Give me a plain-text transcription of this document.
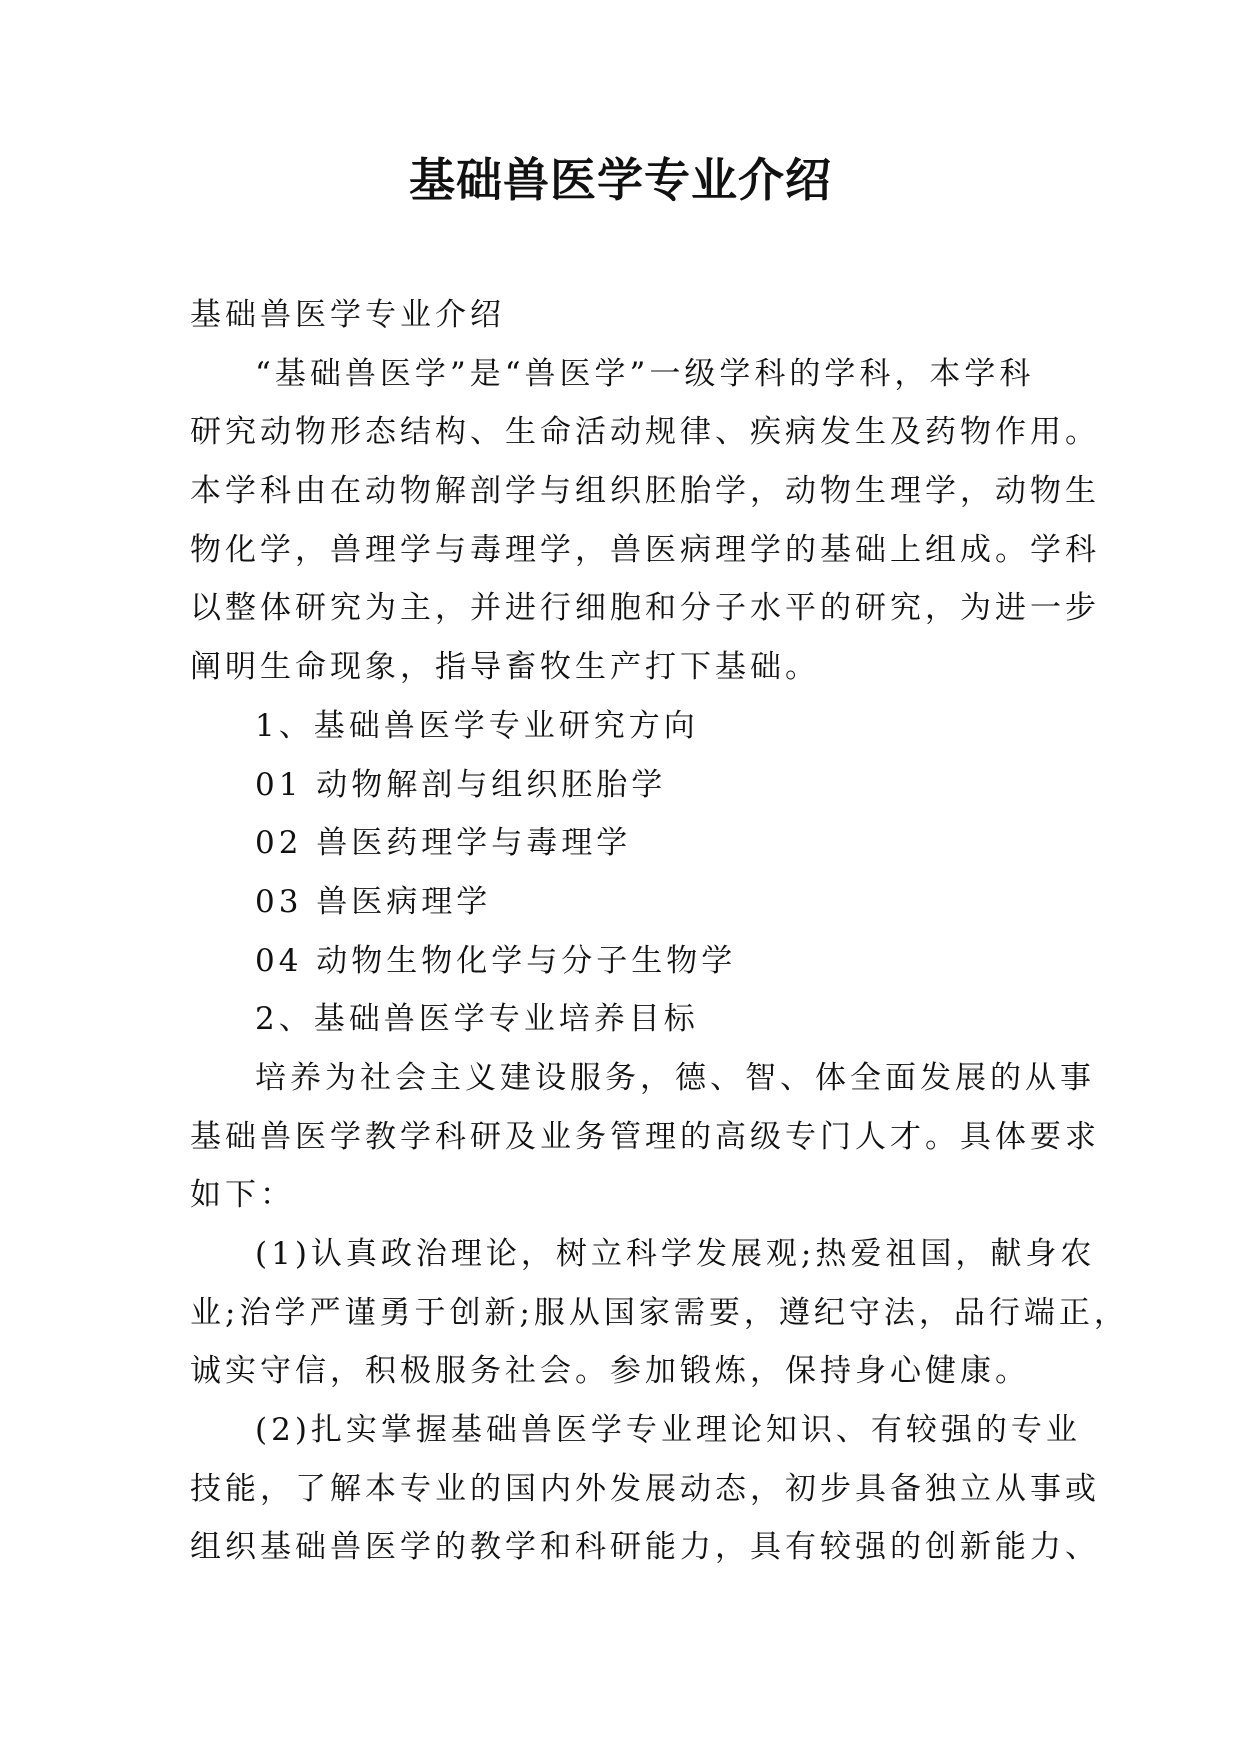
基础兽医学专业介绍

基础兽医学专业介绍

“基础兽医学”是“兽医学”一级学科的学科，本学科

研究动物形态结构、生命活动规律、疾病发生及药物作用。

本学科由在动物解剖学与组织胚胎学，动物生理学，动物生

物化学，兽理学与毒理学，兽医病理学的基础上组成。学科

以整体研究为主，并进行细胞和分子水平的研究，为进一步

阐明生命现象，指导畜牧生产打下基础。

1、基础兽医学专业研究方向

01 动物解剖与组织胚胎学

02 兽医药理学与毒理学

03 兽医病理学

04 动物生物化学与分子生物学

2、基础兽医学专业培养目标

培养为社会主义建设服务，德、智、体全面发展的从事

基础兽医学教学科研及业务管理的高级专门人才。具体要求

如下：

(1)认真政治理论，树立科学发展观;热爱祖国，献身农

业;治学严谨勇于创新;服从国家需要，遵纪守法，品行端正，

诚实守信，积极服务社会。参加锻炼，保持身心健康。

(2)扎实掌握基础兽医学专业理论知识、有较强的专业

技能，了解本专业的国内外发展动态，初步具备独立从事或

组织基础兽医学的教学和科研能力，具有较强的创新能力、
